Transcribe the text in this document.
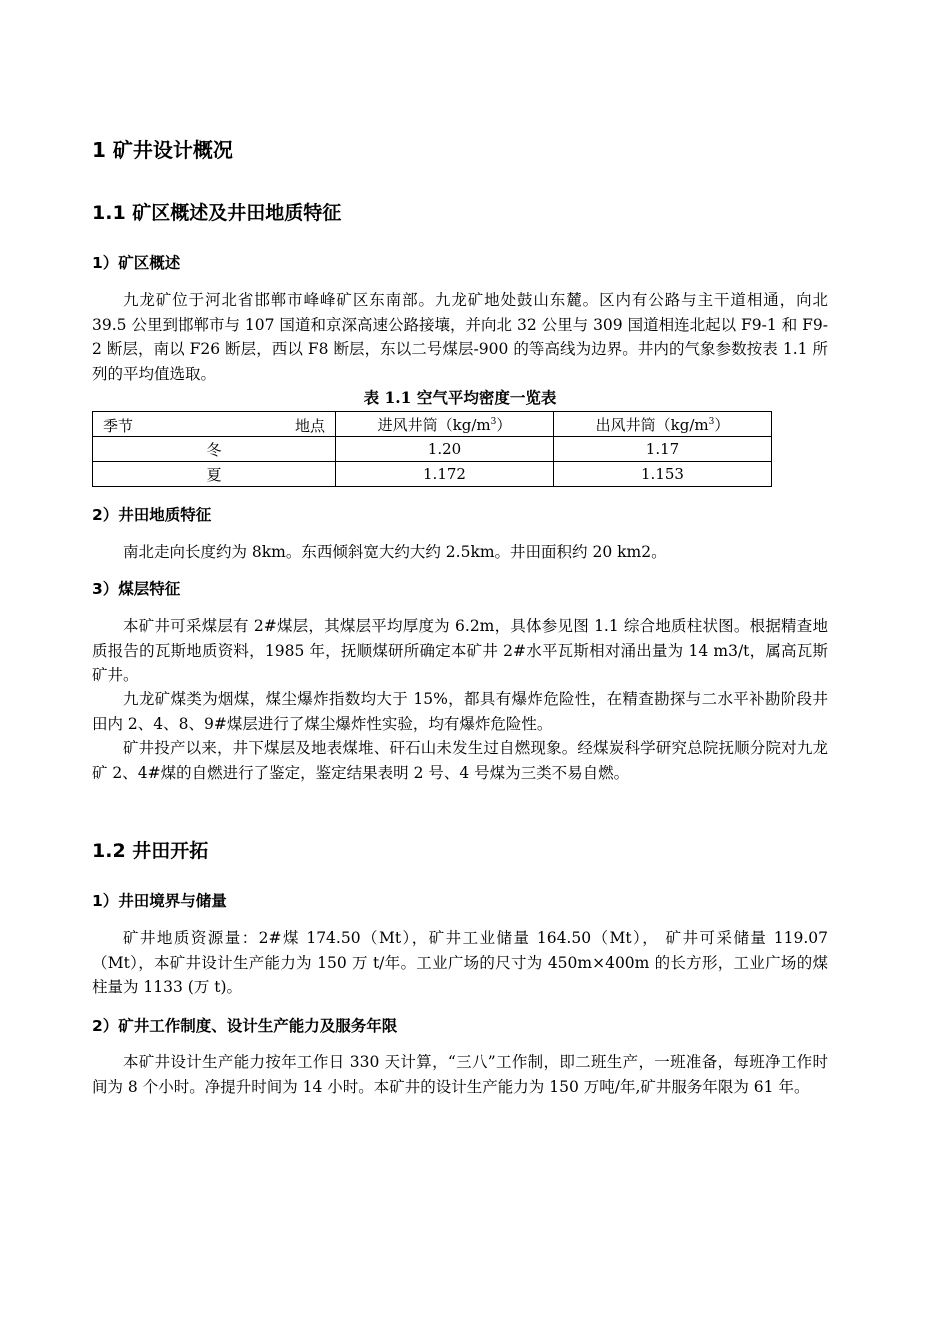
1 矿井设计概况
1.1 矿区概述及井田地质特征
1）矿区概述

九龙矿位于河北省邯郸市峰峰矿区东南部。九龙矿地处鼓山东麓。区内有公路与主干道相通，向北 39.5 公里到邯郸市与 107 国道和京深高速公路接壤，并向北 32 公里与 309 国道相连北起以 F9-1 和 F9-2 断层，南以 F26 断层，西以 F8 断层，东以二号煤层-900 的等高线为边界。井内的气象参数按表 1.1 所列的平均值选取。

表 1.1 空气平均密度一览表
季节 地点	进风井筒$(kg/m^3)$	出风井筒$(kg/m^3)$
冬	1.20	1.17
夏	1.172	1.153
2）井田地质特征

南北走向长度约为 8km。东西倾斜宽大约大约 2.5km。井田面积约 20 km2。

3）煤层特征

本矿井可采煤层有 2#煤层，其煤层平均厚度为 6.2m，具体参见图 1.1 综合地质柱状图。根据精查地质报告的瓦斯地质资料，1985 年，抚顺煤研所确定本矿井 2#水平瓦斯相对涌出量为 14 m3/t，属高瓦斯矿井。

九龙矿煤类为烟煤，煤尘爆炸指数均大于 15%，都具有爆炸危险性，在精查勘探与二水平补勘阶段井田内 2、4、8、9#煤层进行了煤尘爆炸性实验，均有爆炸危险性。

矿井投产以来，井下煤层及地表煤堆、矸石山未发生过自燃现象。经煤炭科学研究总院抚顺分院对九龙矿 2、4#煤的自燃进行了鉴定，鉴定结果表明 2 号、4 号煤为三类不易自燃。

1.2 井田开拓
1）井田境界与储量

矿井地质资源量：2#煤 174.50（Mt），矿井工业储量 164.50（Mt）， 矿井可采储量 119.07（Mt），本矿井设计生产能力为 150 万 t/年。工业广场的尺寸为 450m×400m 的长方形，工业广场的煤柱量为 1133 (万 t)。

2）矿井工作制度、设计生产能力及服务年限

本矿井设计生产能力按年工作日 330 天计算，“三八”工作制，即二班生产，一班准备，每班净工作时间为 8 个小时。净提升时间为 14 小时。本矿井的设计生产能力为 150 万吨/年,矿井服务年限为 61 年。
